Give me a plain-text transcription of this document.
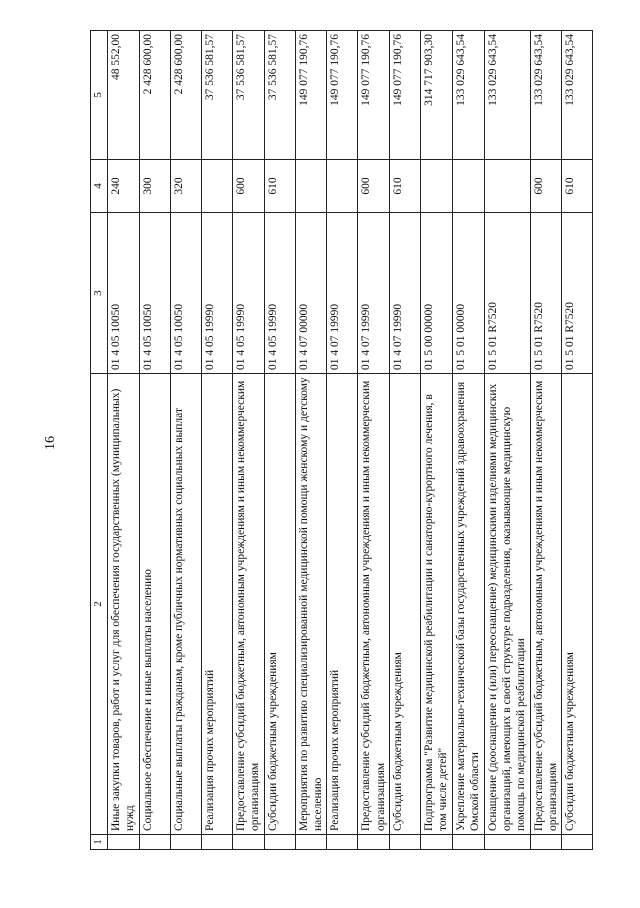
16
1	2	3	4	5
	Иные закупки товаров, работ и услуг для обеспечения государственных (муниципальных) нужд	01 4 05 10050	240	48 552,00
	Социальное обеспечение и иные выплаты населению	01 4 05 10050	300	2 428 600,00
	Социальные выплаты гражданам, кроме публичных нормативных социальных выплат	01 4 05 10050	320	2 428 600,00
	Реализация прочих мероприятий	01 4 05 19990		37 536 581,57
	Предоставление субсидий бюджетным, автономным учреждениям и иным некоммерческим организациям	01 4 05 19990	600	37 536 581,57
	Субсидии бюджетным учреждениям	01 4 05 19990	610	37 536 581,57
	Мероприятия по развитию специализированной медицинской помощи женскому и детскому населению	01 4 07 00000		149 077 190,76
	Реализация прочих мероприятий	01 4 07 19990		149 077 190,76
	Предоставление субсидий бюджетным, автономным учреждениям и иным некоммерческим организациям	01 4 07 19990	600	149 077 190,76
	Субсидии бюджетным учреждениям	01 4 07 19990	610	149 077 190,76
	Подпрограмма "Развитие медицинской реабилитации и санаторно-курортного лечения, в том числе детей"	01 5 00 00000		314 717 903,30
	Укрепление материально-технической базы государственных учреждений здравоохранения Омской области	01 5 01 00000		133 029 643,54
	Оснащение (дооснащение и (или) переоснащение) медицинскими изделиями медицинских организаций, имеющих в своей структуре подразделения, оказывающие медицинскую помощь по медицинской реабилитации	01 5 01 R7520		133 029 643,54
	Предоставление субсидий бюджетным, автономным учреждениям и иным некоммерческим организациям	01 5 01 R7520	600	133 029 643,54
	Субсидии бюджетным учреждениям	01 5 01 R7520	610	133 029 643,54
